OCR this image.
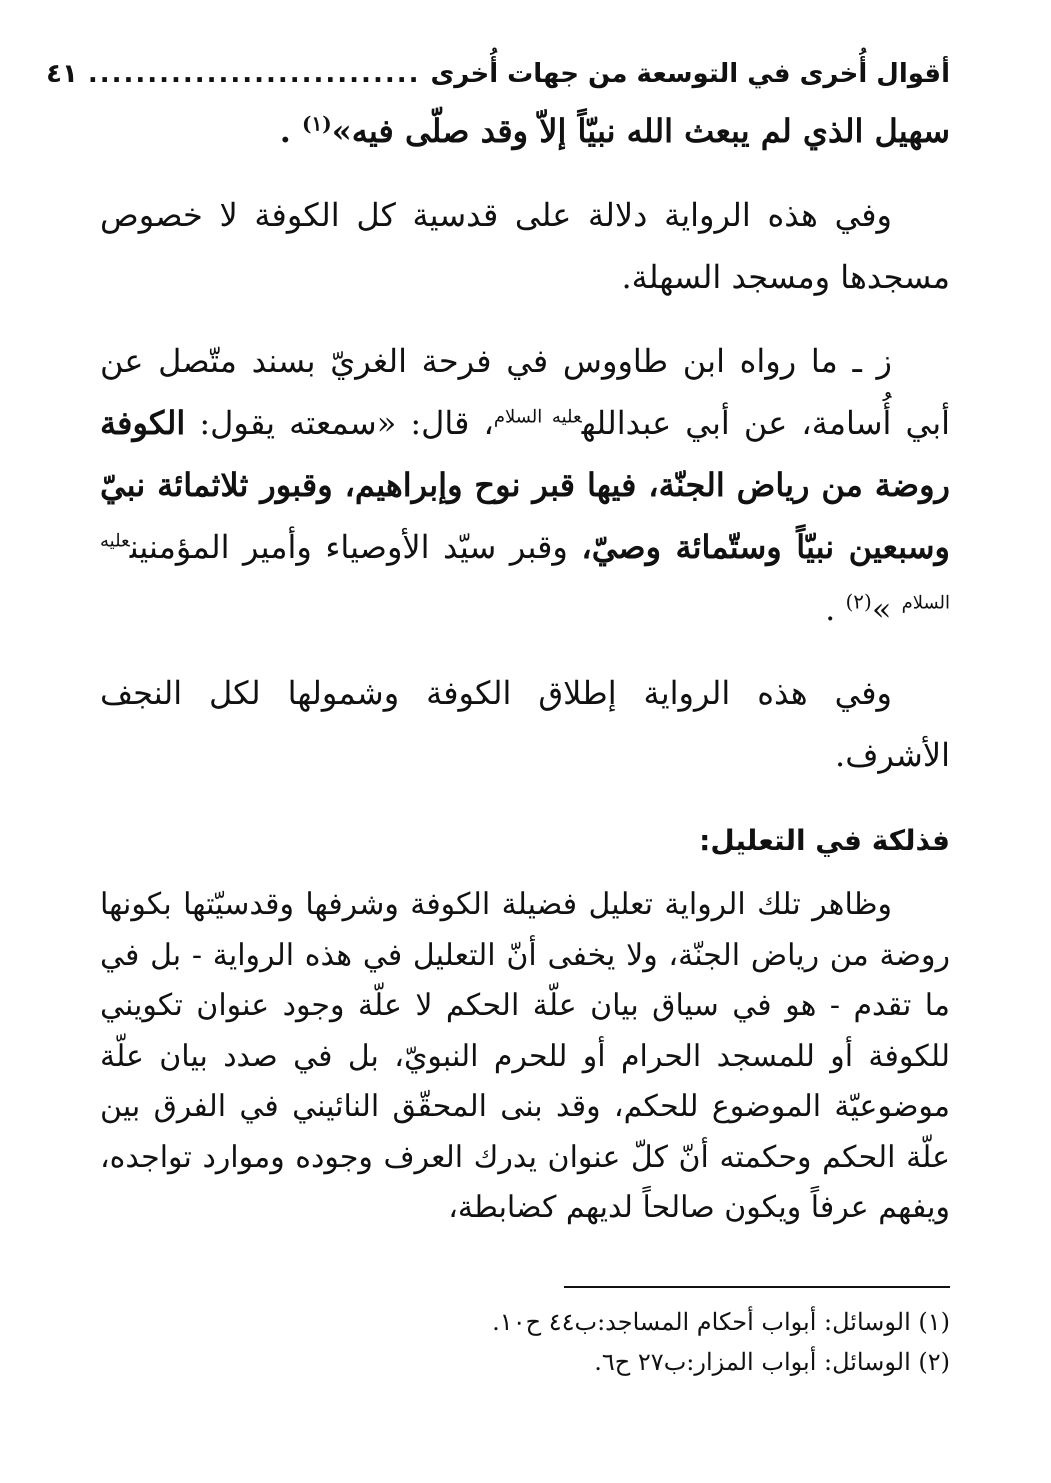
أقوال أُخرى في التوسعة من جهات أُخرى
............................
٤١

سهيل الذي لم يبعث الله نبيّاً إلاّ وقد صلّى فيه»$^{(١)}$ .

وفي هذه الرواية دلالة على قدسية كل الكوفة لا خصوص مسجدها ومسجد السهلة.

ز ـ ما رواه ابن طاووس في فرحة الغريّ بسند متّصل عن أبي أُسامة، عن أبي عبدالله$^{عليه السلام}$، قال: «سمعته يقول: الكوفة روضة من رياض الجنّة، فيها قبر نوح وإبراهيم، وقبور ثلاثمائة نبيّ وسبعين نبيّاً وستّمائة وصيّ، وقبر سيّد الأوصياء وأمير المؤمنين$^{عليه السلام}$ »$^{(٢)}$ .

وفي هذه الرواية إطلاق الكوفة وشمولها لكل النجف الأشرف.

فذلكة في التعليل:

وظاهر تلك الرواية تعليل فضيلة الكوفة وشرفها وقدسيّتها بكونها روضة من رياض الجنّة، ولا يخفى أنّ التعليل في هذه الرواية - بل في ما تقدم - هو في سياق بيان علّة الحكم لا علّة وجود عنوان تكويني للكوفة أو للمسجد الحرام أو للحرم النبويّ، بل في صدد بيان علّة موضوعيّة الموضوع للحكم، وقد بنى المحقّق النائيني في الفرق بين علّة الحكم وحكمته أنّ كلّ عنوان يدرك العرف وجوده وموارد تواجده، ويفهم عرفاً ويكون صالحاً لديهم كضابطة،

(١) الوسائل: أبواب أحكام المساجد:ب٤٤ ح١٠.

(٢) الوسائل: أبواب المزار:ب٢٧ ح٦.
